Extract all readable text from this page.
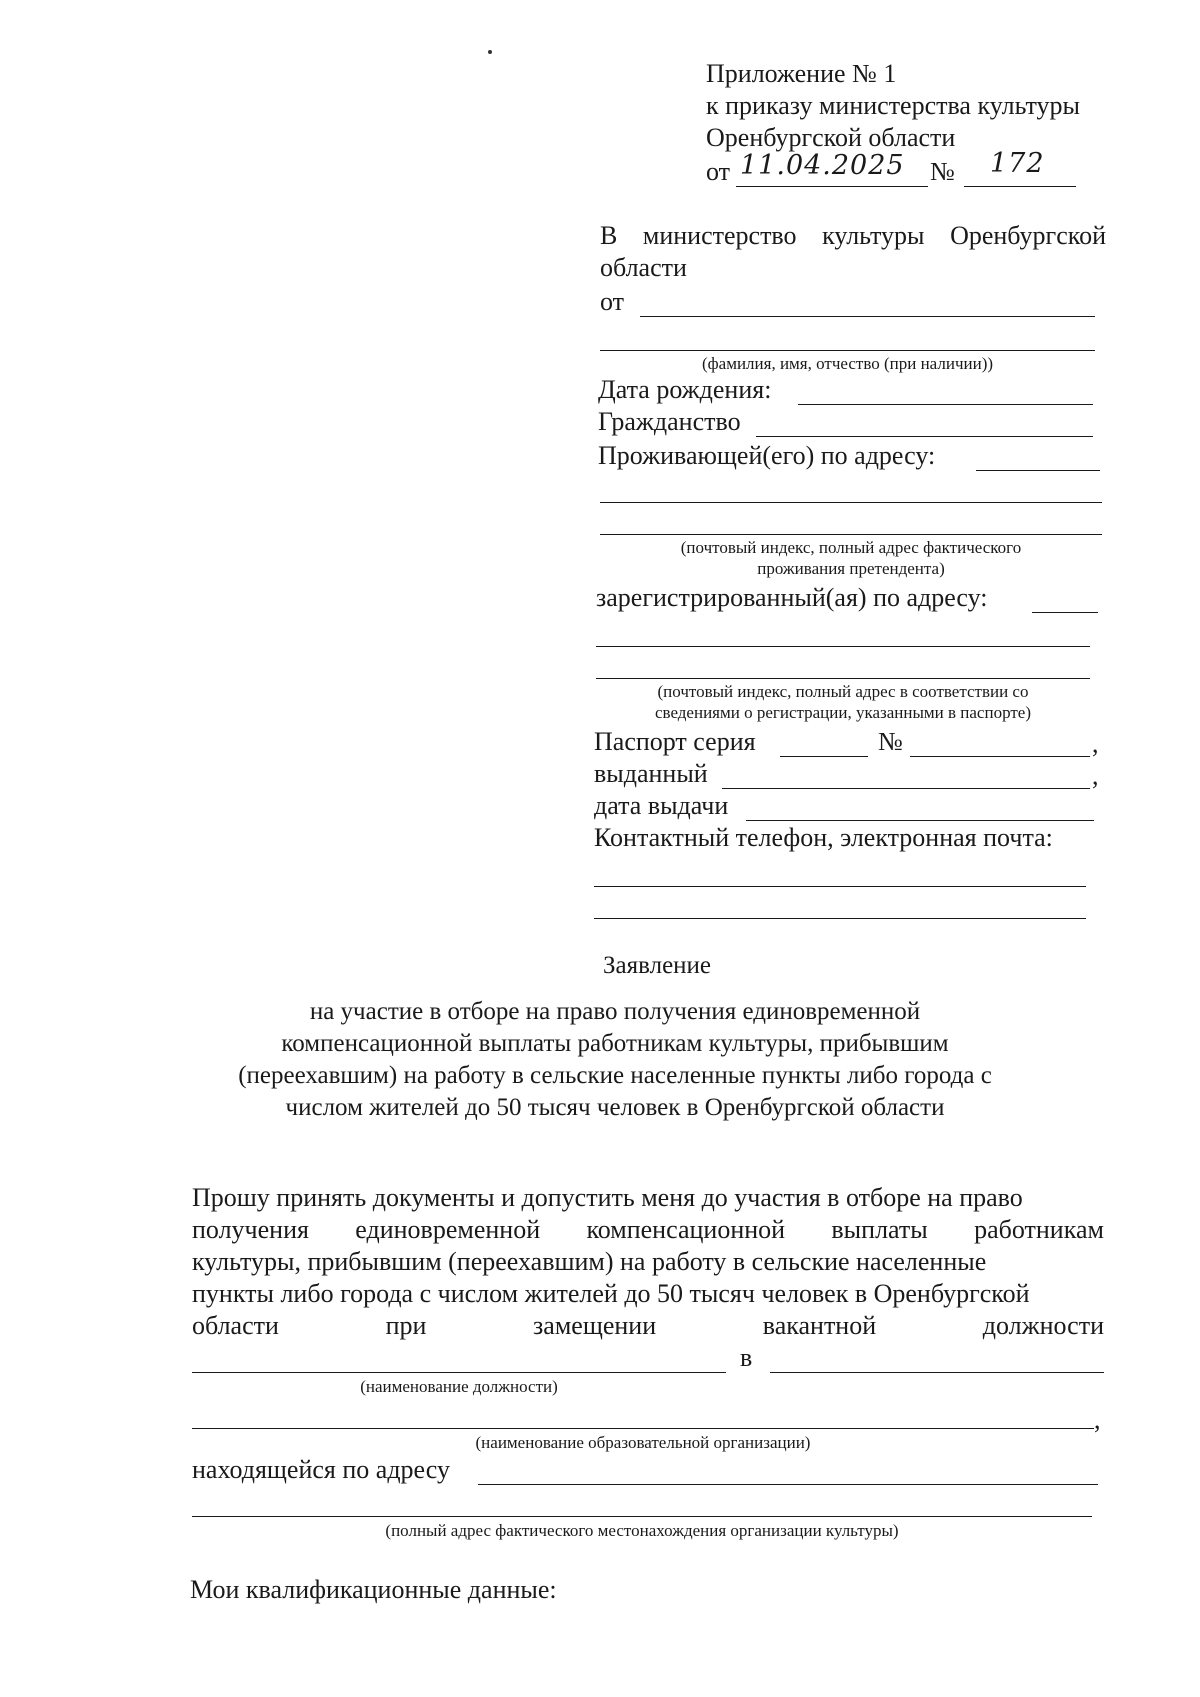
Приложение № 1
к приказу министерства культуры
Оренбургской области
от 11.04.2025 № 172
В министерство культуры Оренбургской
области
от
(фамилия, имя, отчество (при наличии))
Дата рождения:
Гражданство
Проживающей(его) по адресу:
(почтовый индекс, полный адрес фактического
проживания претендента)
зарегистрированный(ая) по адресу:
(почтовый индекс, полный адрес в соответствии со
сведениями о регистрации, указанными в паспорте)
Паспорт серия	№	,
выданный	,
дата выдачи
Контактный телефон, электронная почта:
Заявление
на участие в отборе на право получения единовременной
компенсационной выплаты работникам культуры, прибывшим
(переехавшим) на работу в сельские населенные пункты либо города с
числом жителей до 50 тысяч человек в Оренбургской области
Прошу принять документы и допустить меня до участия в отборе на право
получения единовременной компенсационной выплаты работникам
культуры, прибывшим (переехавшим) на работу в сельские населенные
пункты либо города с числом жителей до 50 тысяч человек в Оренбургской
области	при	замещении	вакантной	должности
в
(наименование должности)
,
(наименование образовательной организации)
находящейся по адресу
(полный адрес фактического местонахождения организации культуры)
Мои квалификационные данные:
